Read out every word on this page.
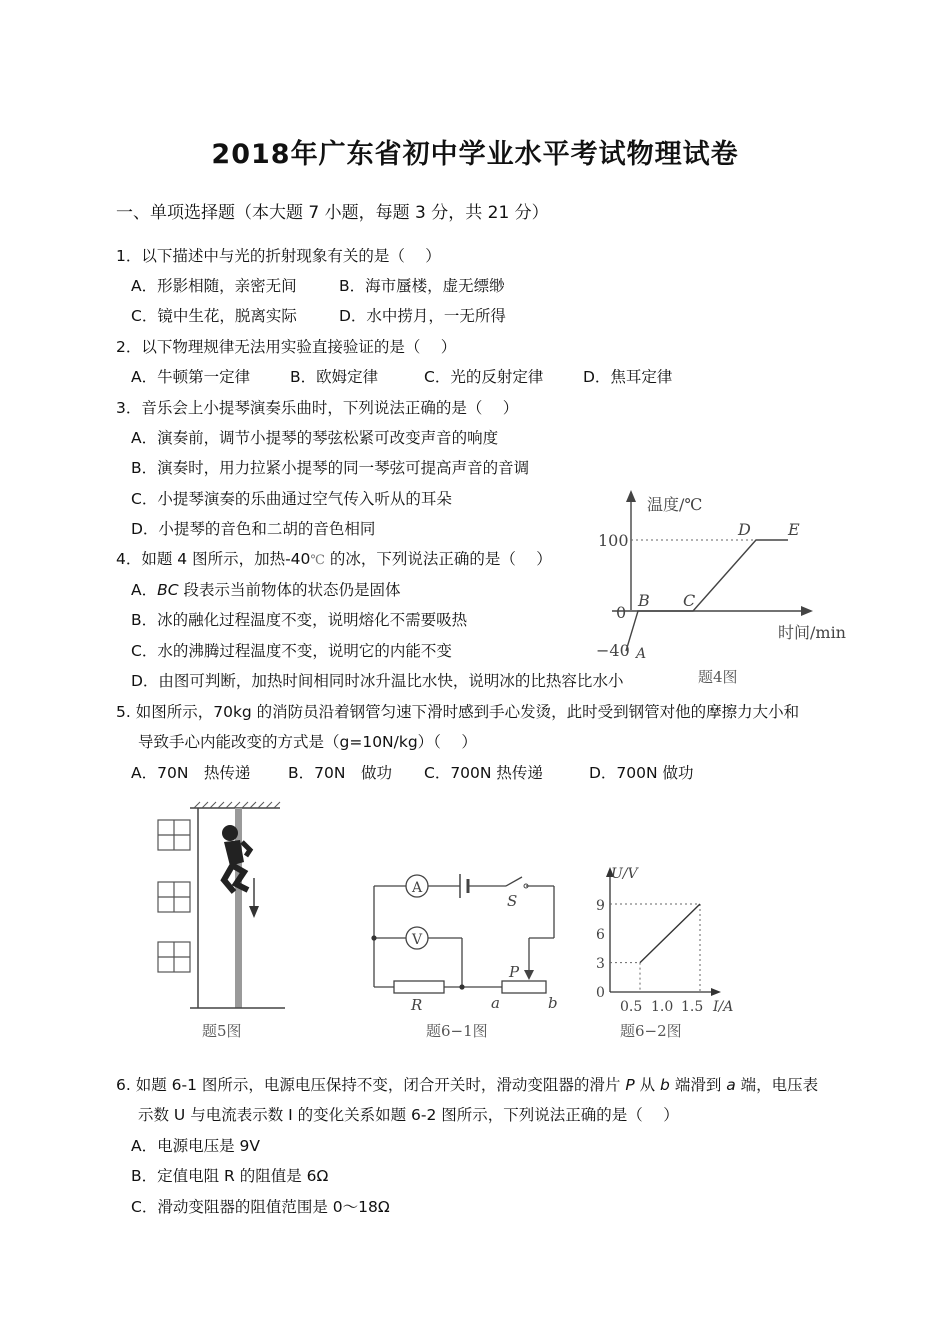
2018年广东省初中学业水平考试物理试卷
一、单项选择题（本大题 7 小题，每题 3 分，共 21 分）
1．以下描述中与光的折射现象有关的是（　 ）
A．形影相随，亲密无间	B．海市蜃楼，虚无缥缈
C．镜中生花，脱离实际	D．水中捞月，一无所得
2．以下物理规律无法用实验直接验证的是（　 ）
A．牛顿第一定律	B．欧姆定律	C．光的反射定律	D．焦耳定律
3．音乐会上小提琴演奏乐曲时，下列说法正确的是（　 ）
A．演奏前，调节小提琴的琴弦松紧可改变声音的响度
B．演奏时，用力拉紧小提琴的同一琴弦可提高声音的音调
C．小提琴演奏的乐曲通过空气传入听从的耳朵
D．小提琴的音色和二胡的音色相同
4．如题 4 图所示，加热-40℃ 的冰，下列说法正确的是（　 ）
A．BC 段表示当前物体的状态仍是固体
B．冰的融化过程温度不变，说明熔化不需要吸热
C．水的沸腾过程温度不变，说明它的内能不变
D．由图可判断，加热时间相同时冰升温比水快，说明冰的比热容比水小
温度/℃
时间/min
100
0
−40 A
B C
D E
题4图
5. 如图所示，70kg 的消防员沿着钢管匀速下滑时感到手心发烫，此时受到钢管对他的摩擦力大小和
导致手心内能改变的方式是（g=10N/kg）（　 ）
A．70N　热传递 B．70N　做功 C．700N 热传递	D．700N 做功
题5图
A
V
S
R
P
a	b
题6−1图
U/V
I/A
9
6
3
0
0.5 1.0 1.5
题6−2图
6. 如题 6-1 图所示，电源电压保持不变，闭合开关时，滑动变阻器的滑片 P 从 b 端滑到 a 端，电压表
示数 U 与电流表示数 I 的变化关系如题 6-2 图所示，下列说法正确的是（　 ）
A．电源电压是 9V
B．定值电阻 R 的阻值是 6Ω
C．滑动变阻器的阻值范围是 0～18Ω
